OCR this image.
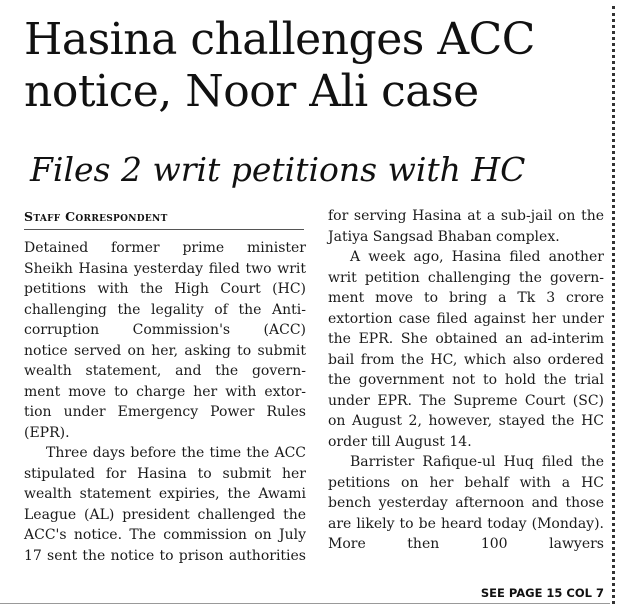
Hasina challenges ACC
notice, Noor Ali case
Files 2 writ petitions with HC
Staff Correspondent
Detained former prime minister
Sheikh Hasina yesterday filed two writ
petitions with the High Court (HC)
challenging the legality of the Anti-
corruption Commission's (ACC)
notice served on her, asking to submit
wealth statement, and the govern-
ment move to charge her with extor-
tion under Emergency Power Rules
(EPR).
Three days before the time the ACC
stipulated for Hasina to submit her
wealth statement expiries, the Awami
League (AL) president challenged the
ACC's notice. The commission on July
17 sent the notice to prison authorities
for serving Hasina at a sub-jail on the
Jatiya Sangsad Bhaban complex.
A week ago, Hasina filed another
writ petition challenging the govern-
ment move to bring a Tk 3 crore
extortion case filed against her under
the EPR. She obtained an ad-interim
bail from the HC, which also ordered
the government not to hold the trial
under EPR. The Supreme Court (SC)
on August 2, however, stayed the HC
order till August 14.
Barrister Rafique-ul Huq filed the
petitions on her behalf with a HC
bench yesterday afternoon and those
are likely to be heard today (Monday).
More then 100 lawyers
SEE PAGE 15 COL 7
